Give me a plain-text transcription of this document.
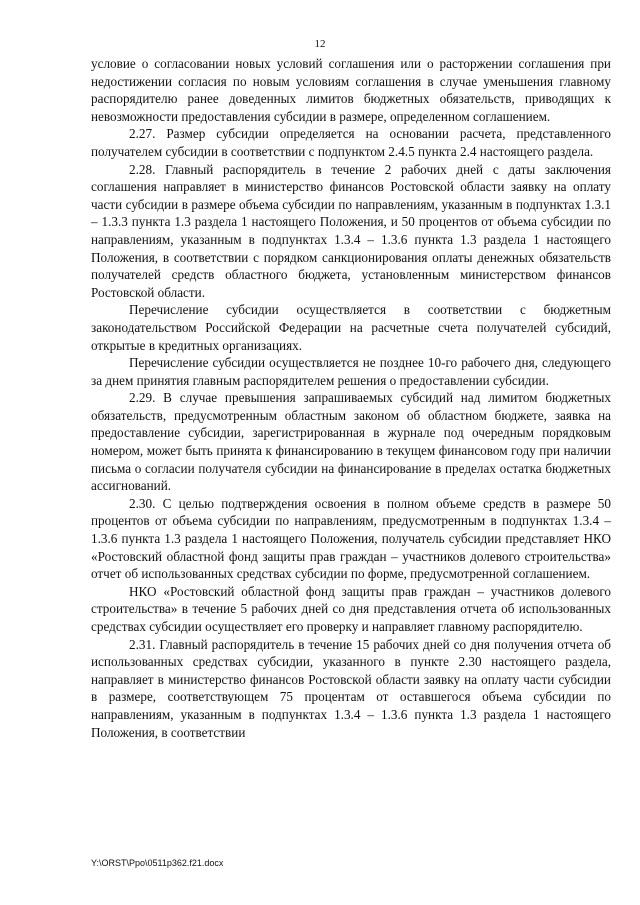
12

условие о согласовании новых условий соглашения или о расторжении соглашения при недостижении согласия по новым условиям соглашения в случае уменьшения главному распорядителю ранее доведенных лимитов бюджетных обязательств, приводящих к невозможности предоставления субсидии в размере, определенном соглашением.

2.27. Размер субсидии определяется на основании расчета, представленного получателем субсидии в соответствии с подпунктом 2.4.5 пункта 2.4 настоящего раздела.

2.28. Главный распорядитель в течение 2 рабочих дней с даты заключения соглашения направляет в министерство финансов Ростовской области заявку на оплату части субсидии в размере объема субсидии по направлениям, указанным в подпунктах 1.3.1 – 1.3.3 пункта 1.3 раздела 1 настоящего Положения, и 50 процентов от объема субсидии по направлениям, указанным в подпунктах 1.3.4 – 1.3.6 пункта 1.3 раздела 1 настоящего Положения, в соответствии с порядком санкционирования оплаты денежных обязательств получателей средств областного бюджета, установленным министерством финансов Ростовской области.

Перечисление субсидии осуществляется в соответствии с бюджетным законодательством Российской Федерации на расчетные счета получателей субсидий, открытые в кредитных организациях.

Перечисление субсидии осуществляется не позднее 10-го рабочего дня, следующего за днем принятия главным распорядителем решения о предоставлении субсидии.

2.29. В случае превышения запрашиваемых субсидий над лимитом бюджетных обязательств, предусмотренным областным законом об областном бюджете, заявка на предоставление субсидии, зарегистрированная в журнале под очередным порядковым номером, может быть принята к финансированию в текущем финансовом году при наличии письма о согласии получателя субсидии на финансирование в пределах остатка бюджетных ассигнований.

2.30. С целью подтверждения освоения в полном объеме средств в размере 50 процентов от объема субсидии по направлениям, предусмотренным в подпунктах 1.3.4 – 1.3.6 пункта 1.3 раздела 1 настоящего Положения, получатель субсидии представляет НКО «Ростовский областной фонд защиты прав граждан – участников долевого строительства» отчет об использованных средствах субсидии по форме, предусмотренной соглашением.

НКО «Ростовский областной фонд защиты прав граждан – участников долевого строительства» в течение 5 рабочих дней со дня представления отчета об использованных средствах субсидии осуществляет его проверку и направляет главному распорядителю.

2.31. Главный распорядитель в течение 15 рабочих дней со дня получения отчета об использованных средствах субсидии, указанного в пункте 2.30 настоящего раздела, направляет в министерство финансов Ростовской области заявку на оплату части субсидии в размере, соответствующем 75 процентам от оставшегося объема субсидии по направлениям, указанным в подпунктах 1.3.4 – 1.3.6 пункта 1.3 раздела 1 настоящего Положения, в соответствии

Y:\ORST\Ppo\0511p362.f21.docx
